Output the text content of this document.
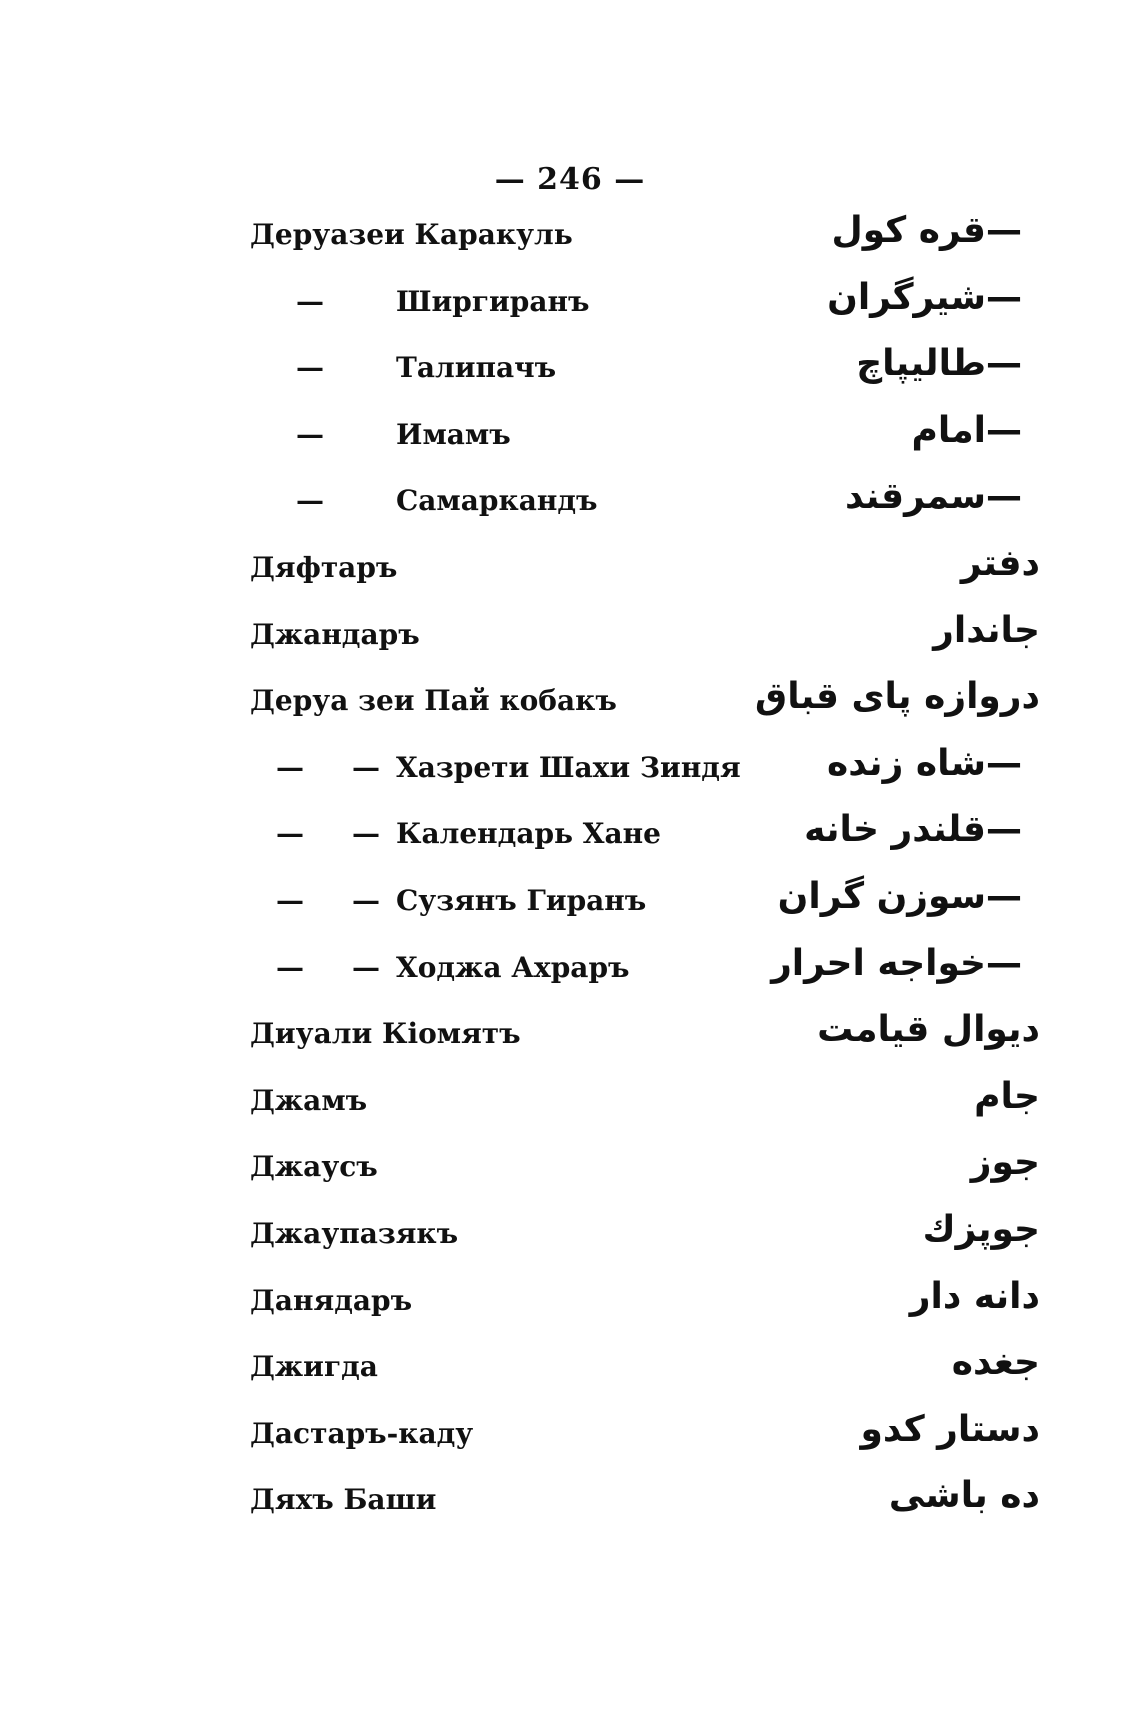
— 246 —
Деруазеи Каракуль	—قره کول
—	Ширгиранъ	—شیرگران
—	Талипачъ	—طالیپاچ
—	Имамъ	—امام
—	Самаркандъ	—سمرقند
Дяфтаръ	دفتر
Джандаръ	جاندار
Деруа зеи Пай кобакъ	دروازه پای قباق
— — Хазрети Шахи Зиндя	—شاه زنده
— — Календарь Хане	—قلندر خانه
— — Сузянъ Гиранъ	—سوزن گران
— — Ходжа Ахраръ	—خواجه احرار
Диуали Кіомятъ	دیوال قیامت
Джамъ	جام
Джаусъ	جوز
Джаупазякъ	جوپزك
Данядаръ	دانه دار
Джигда	جغده
Дастаръ-каду	دستار کدو
Дяхъ Баши	ده باشی
